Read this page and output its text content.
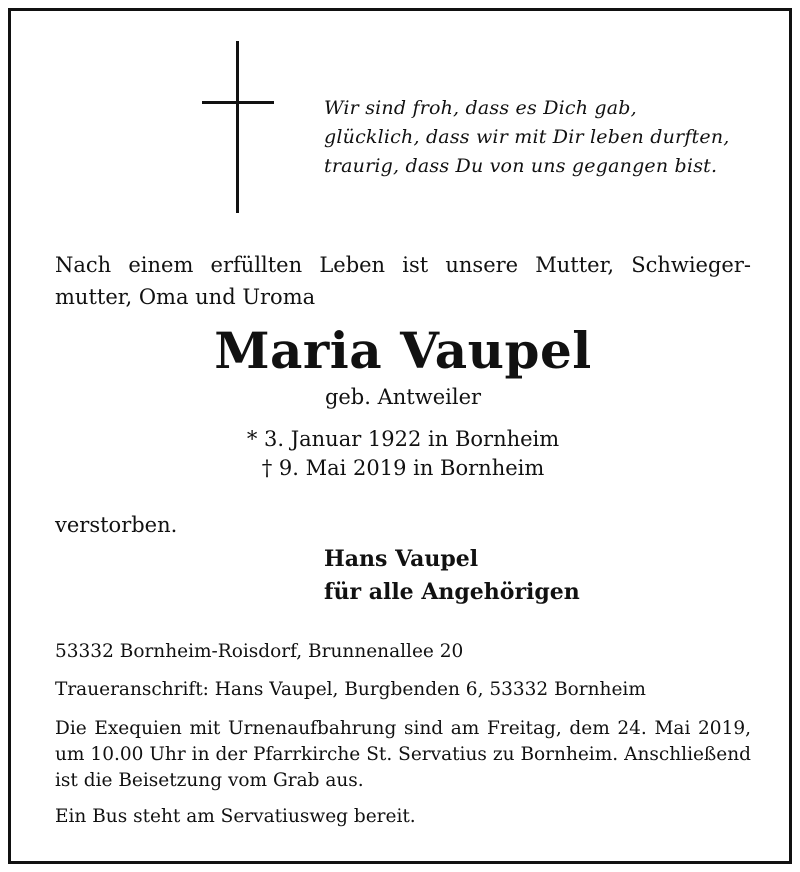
Wir sind froh, dass es Dich gab,
glücklich, dass wir mit Dir leben durften,
traurig, dass Du von uns gegangen bist.
Nach einem erfüllten Leben ist unsere Mutter, Schwieger-mutter, Oma und Uroma
Maria Vaupel
geb. Antweiler
* 3. Januar 1922 in Bornheim
† 9. Mai 2019 in Bornheim
verstorben.
Hans Vaupel
für alle Angehörigen
53332 Bornheim-Roisdorf, Brunnenallee 20
Traueranschrift: Hans Vaupel, Burgbenden 6, 53332 Bornheim
Die Exequien mit Urnenaufbahrung sind am Freitag, dem 24. Mai 2019, um 10.00 Uhr in der Pfarrkirche St. Servatius zu Bornheim. Anschließend ist die Beisetzung vom Grab aus.
Ein Bus steht am Servatiusweg bereit.
